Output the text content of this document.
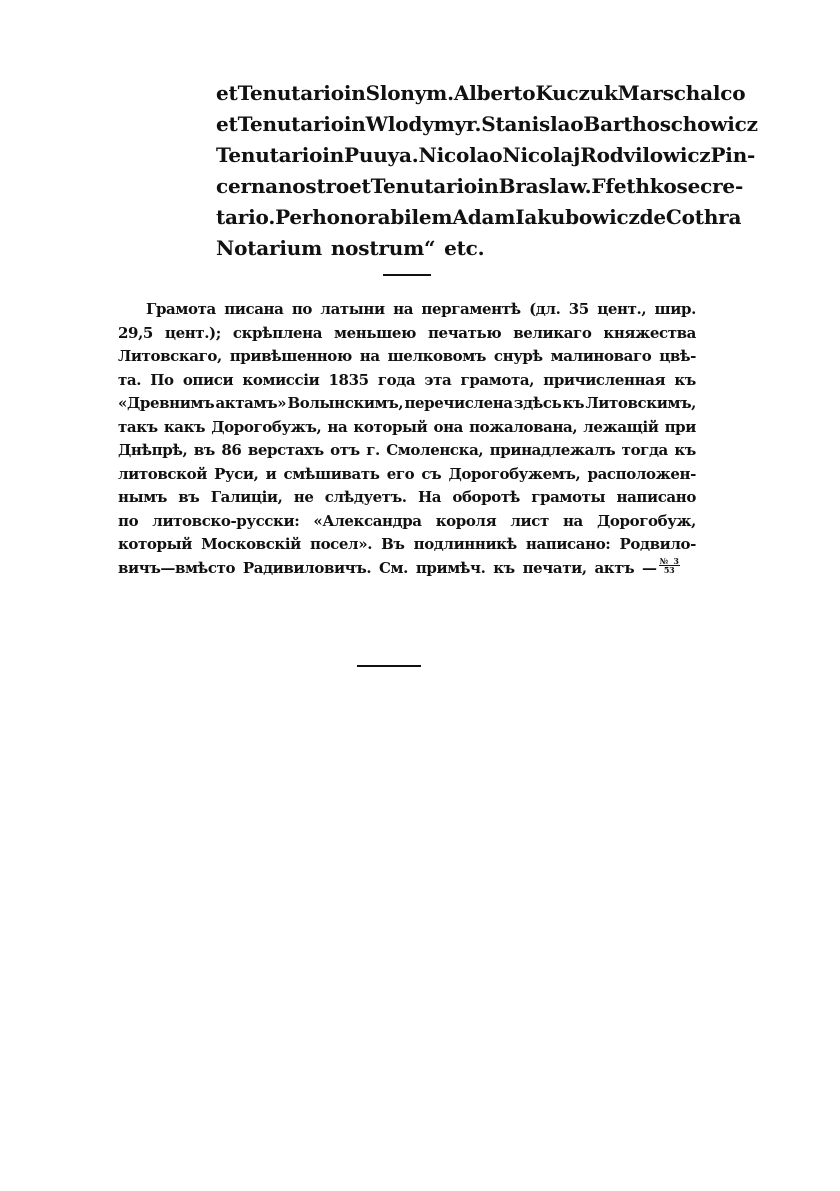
et Tenutario in Slonym. Alberto Kuczuk Marschalco
et Tenutario in Wlodymyr. Stanislao Barthoschowicz
Tenutario in Puuya. Nicolao Nicolaj Rodvilowicz Pin-
cerna nostro et Tenutario in Braslaw. Ffethko secre-
tario. Per honorabilem Adam Iakubowicz de Cothra
Notarium nostrum“ etc.
Грамота писана по латыни на пергаментѣ (дл. 35 цент., шир.
29,5 цент.); скрѣплена меньшею печатью великаго княжества
Литовскаго, привѣшенною на шелковомъ снурѣ малиноваго цвѣ-
та. По описи комиссіи 1835 года эта грамота, причисленная къ
«Древнимъ актамъ» Волынскимъ, перечислена здѣсь къ Литовскимъ,
такъ какъ Дорогобужъ, на который она пожалована, лежащій при
Днѣпрѣ, въ 86 верстахъ отъ г. Смоленска, принадлежалъ тогда къ
литовской Руси, и смѣшивать его съ Дорогобужемъ, расположен-
нымъ въ Галиціи, не слѣдуетъ. На оборотѣ грамоты написано
по литовско-русски: «Александра короля лист на Дорогобуж,
который Московскій посел». Въ подлинникѣ написано: Родвило-
вичъ—вмѣсто Радивиловичъ. См. примѣч. къ печати, актъ — $\frac{№ 3}{53}$
